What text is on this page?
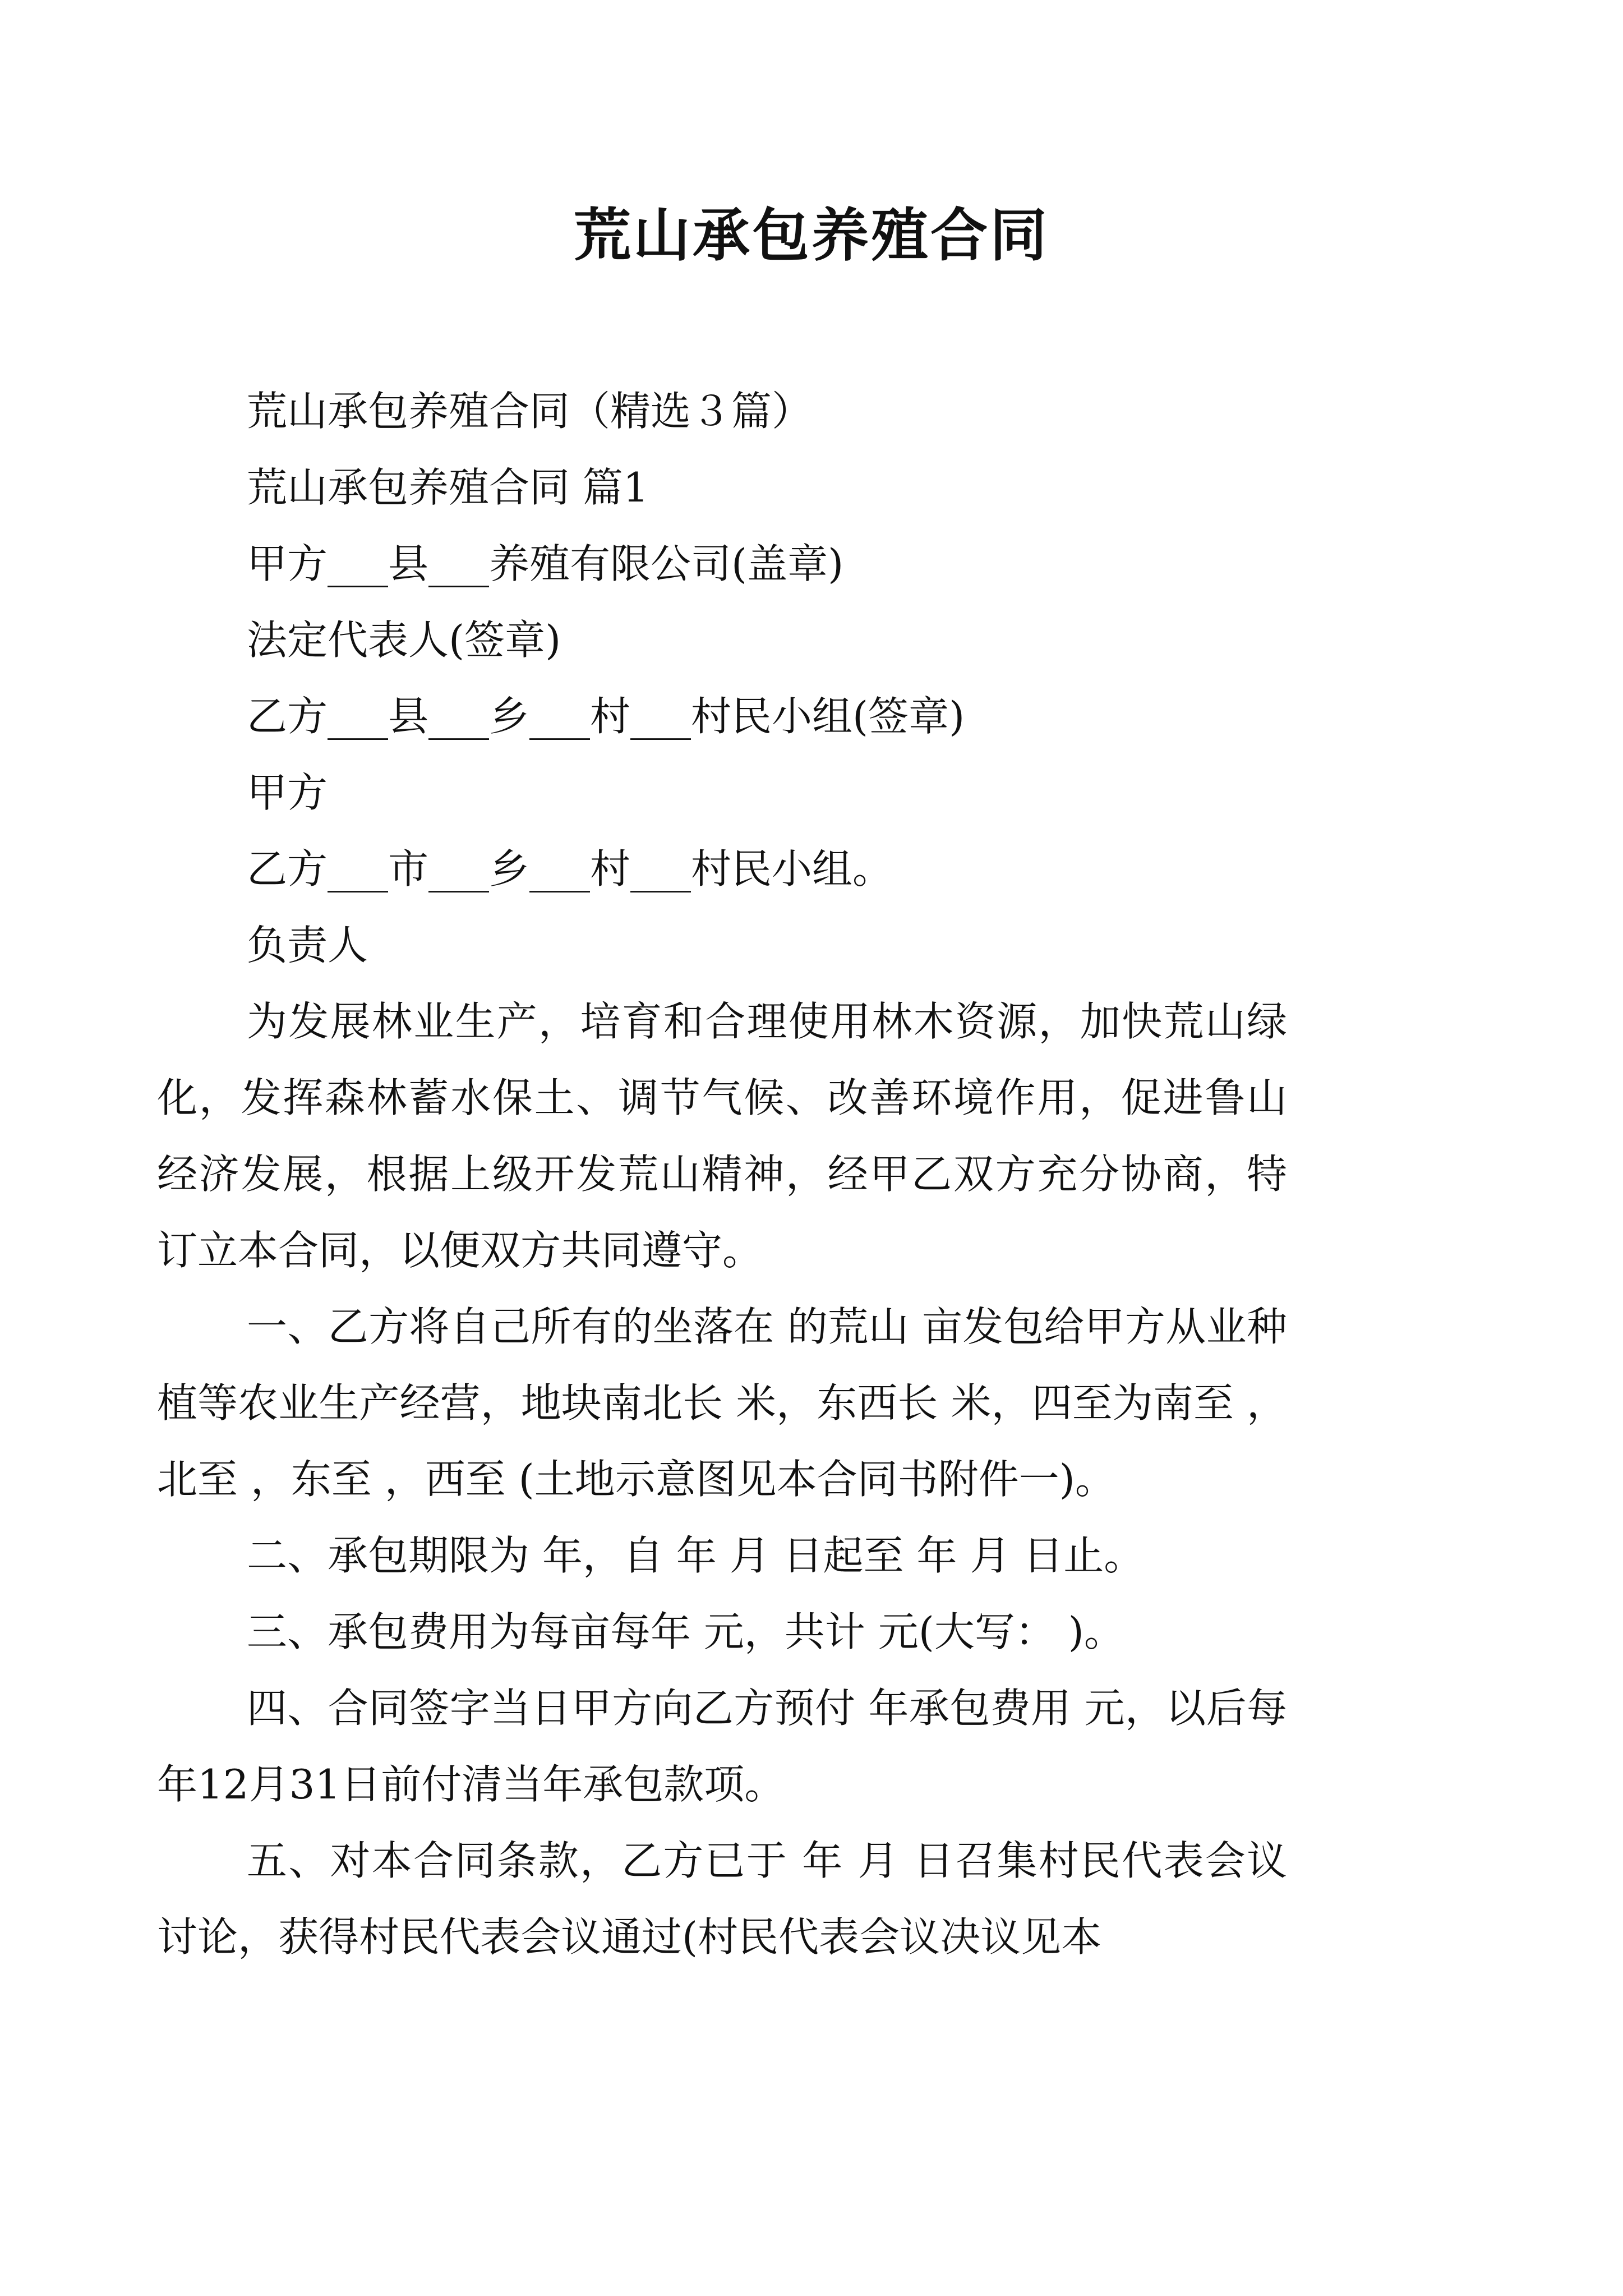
荒山承包养殖合同

荒山承包养殖合同（精选３篇）

荒山承包养殖合同 篇1

甲方___县___养殖有限公司(盖章)

法定代表人(签章)

乙方___县___乡___村___村民小组(签章)

甲方

乙方___市___乡___村___村民小组。

负责人

为发展林业生产，培育和合理使用林木资源，加快荒山绿化，发挥森林蓄水保土、调节气候、改善环境作用，促进鲁山经济发展，根据上级开发荒山精神，经甲乙双方充分协商，特订立本合同，以便双方共同遵守。

一、乙方将自己所有的坐落在 的荒山 亩发包给甲方从业种植等农业生产经营，地块南北长 米，东西长 米，四至为南至 ，北至 ，东至 ，西至 (土地示意图见本合同书附件一)。

二、承包期限为 年，自 年 月 日起至 年 月 日止。

三、承包费用为每亩每年 元，共计 元(大写： )。

四、合同签字当日甲方向乙方预付 年承包费用 元，以后每年12月31日前付清当年承包款项。

五、对本合同条款，乙方已于 年 月 日召集村民代表会议讨论，获得村民代表会议通过(村民代表会议决议见本
